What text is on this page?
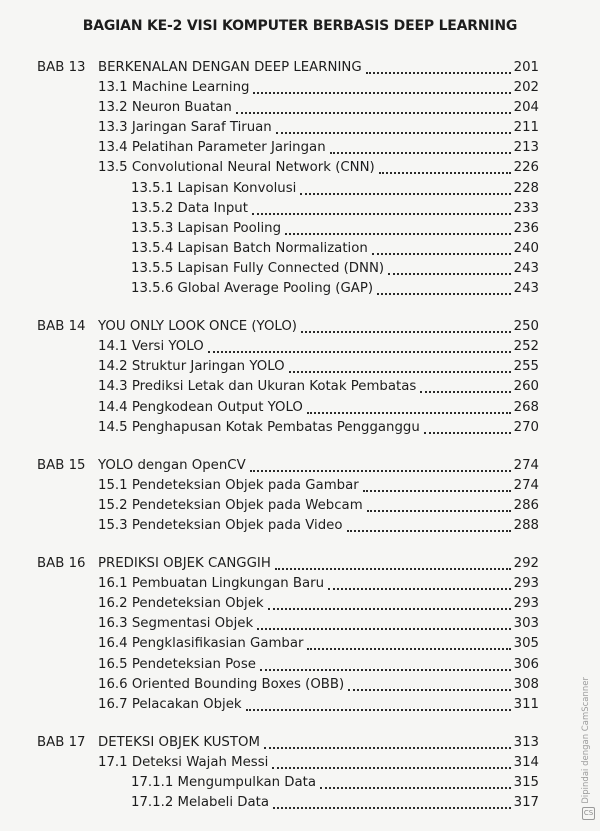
BAGIAN KE-2 VISI KOMPUTER BERBASIS DEEP LEARNING
BAB 13 BERKENALAN DENGAN DEEP LEARNING	201
13.1 Machine Learning	202
13.2 Neuron Buatan	204
13.3 Jaringan Saraf Tiruan	211
13.4 Pelatihan Parameter Jaringan	213
13.5 Convolutional Neural Network (CNN)	226
13.5.1 Lapisan Konvolusi	228
13.5.2 Data Input	233
13.5.3 Lapisan Pooling	236
13.5.4 Lapisan Batch Normalization	240
13.5.5 Lapisan Fully Connected (DNN)	243
13.5.6 Global Average Pooling (GAP)	243
BAB 14 YOU ONLY LOOK ONCE (YOLO)	250
14.1 Versi YOLO	252
14.2 Struktur Jaringan YOLO	255
14.3 Prediksi Letak dan Ukuran Kotak Pembatas	260
14.4 Pengkodean Output YOLO	268
14.5 Penghapusan Kotak Pembatas Pengganggu	270
BAB 15 YOLO dengan OpenCV	274
15.1 Pendeteksian Objek pada Gambar	274
15.2 Pendeteksian Objek pada Webcam	286
15.3 Pendeteksian Objek pada Video	288
BAB 16 PREDIKSI OBJEK CANGGIH	292
16.1 Pembuatan Lingkungan Baru	293
16.2 Pendeteksian Objek	293
16.3 Segmentasi Objek	303
16.4 Pengklasifikasian Gambar	305
16.5 Pendeteksian Pose	306
16.6 Oriented Bounding Boxes (OBB)	308
16.7 Pelacakan Objek	311
BAB 17 DETEKSI OBJEK KUSTOM	313
17.1 Deteksi Wajah Messi	314
17.1.1 Mengumpulkan Data	315
17.1.2 Melabeli Data	317	Dipindai dengan CamScanner
CS
